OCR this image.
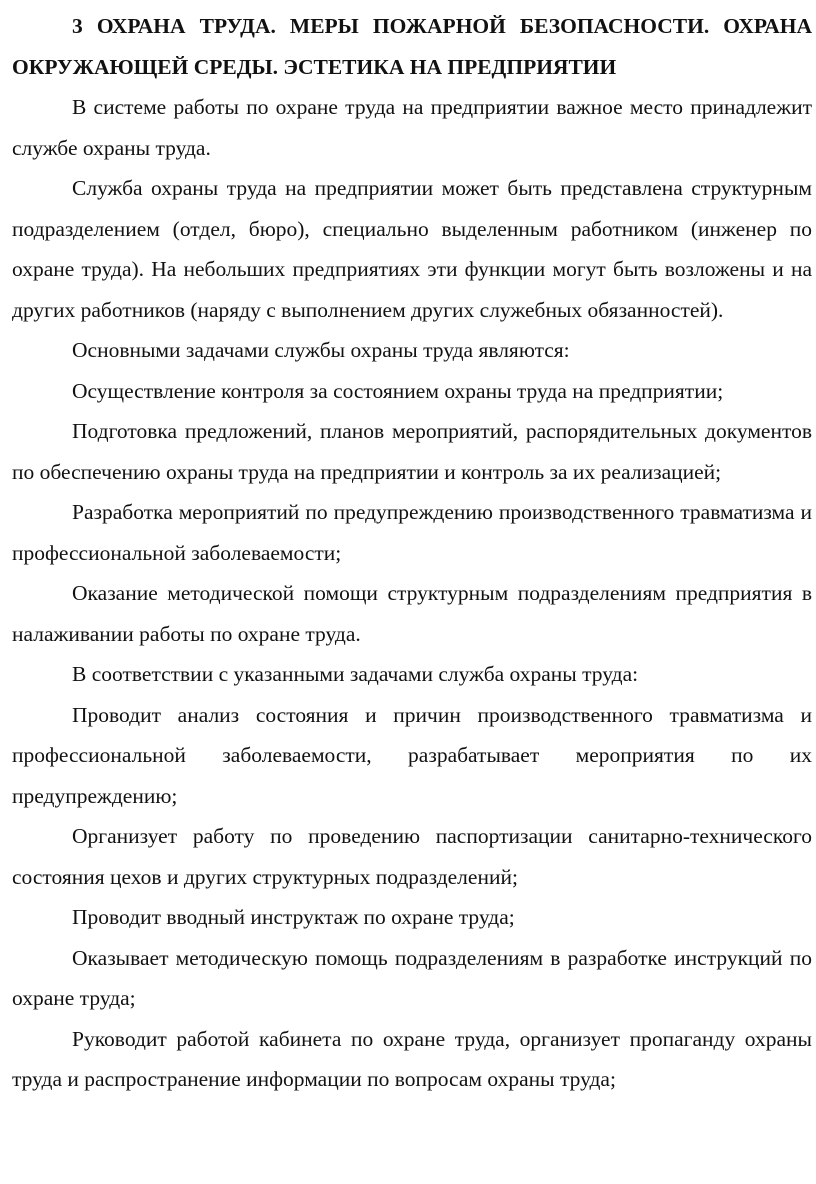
3 ОХРАНА ТРУДА. МЕРЫ ПОЖАРНОЙ БЕЗОПАСНОСТИ. ОХРАНА ОКРУЖАЮЩЕЙ СРЕДЫ. ЭСТЕТИКА НА ПРЕДПРИЯТИИ

В системе работы по охране труда на предприятии важное место принадлежит службе охраны труда.

Служба охраны труда на предприятии может быть представлена структурным подразделением (отдел, бюро), специально выделенным работником (инженер по охране труда). На небольших предприятиях эти функции могут быть возложены и на других работников (наряду с выполнением других служебных обязанностей).

Основными задачами службы охраны труда являются:

Осуществление контроля за состоянием охраны труда на предприятии;

Подготовка предложений, планов мероприятий, распорядительных документов по обеспечению охраны труда на предприятии и контроль за их реализацией;

Разработка мероприятий по предупреждению производственного травматизма и профессиональной заболеваемости;

Оказание методической помощи структурным подразделениям предприятия в налаживании работы по охране труда.

В соответствии с указанными задачами служба охраны труда:

Проводит анализ состояния и причин производственного травматизма и профессиональной заболеваемости, разрабатывает мероприятия по их предупреждению;

Организует работу по проведению паспортизации санитарно-технического состояния цехов и других структурных подразделений;

Проводит вводный инструктаж по охране труда;

Оказывает методическую помощь подразделениям в разработке инструкций по охране труда;

Руководит работой кабинета по охране труда, организует пропаганду охраны труда и распространение информации по вопросам охраны труда;
